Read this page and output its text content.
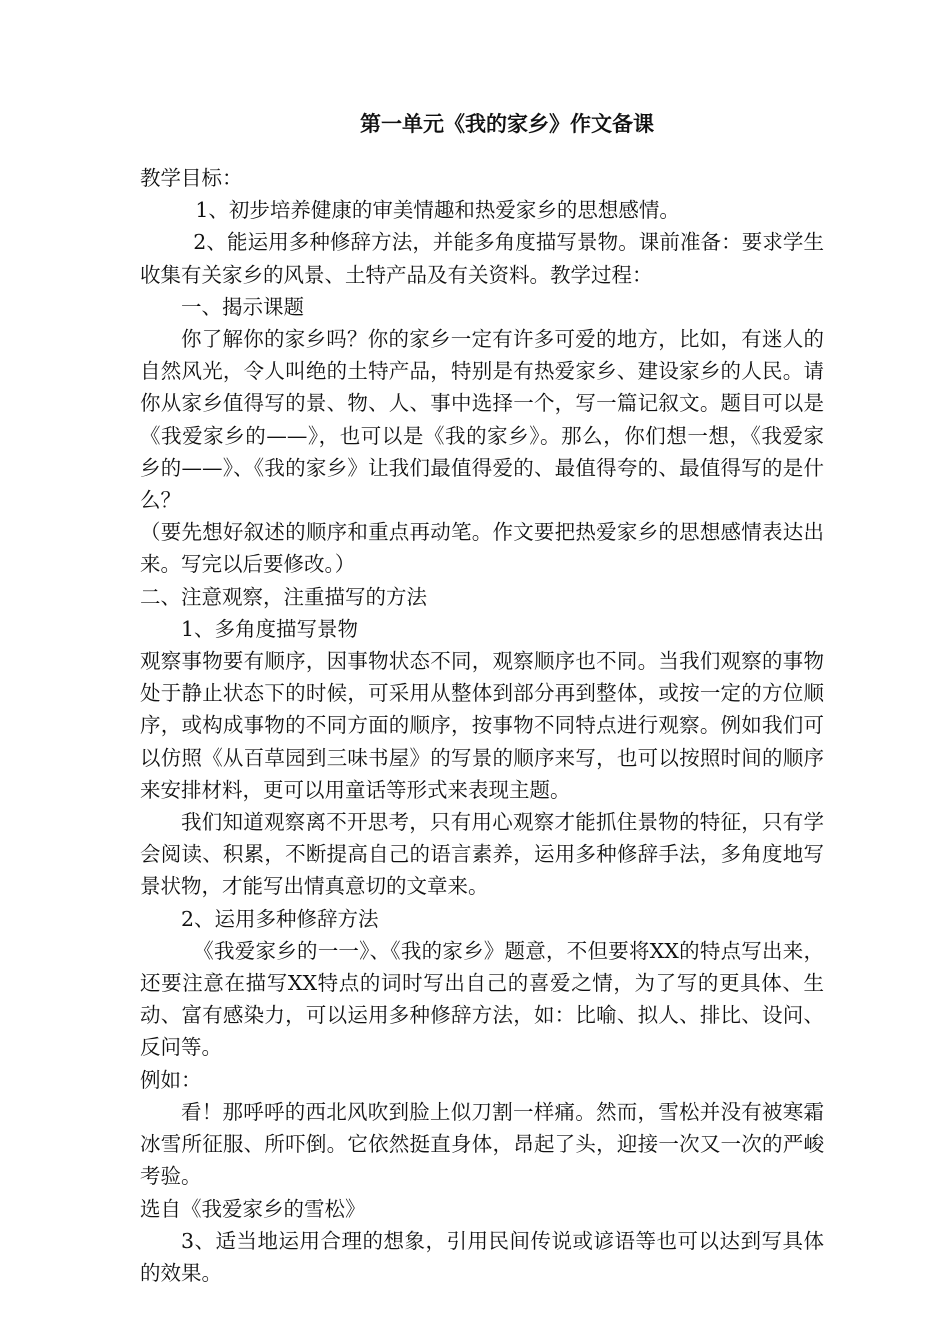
第一单元《我的家乡》作文备课

教学目标：

1、初步培养健康的审美情趣和热爱家乡的思想感情。

2、能运用多种修辞方法，并能多角度描写景物。课前准备：要求学生收集有关家乡的风景、土特产品及有关资料。教学过程：

一、揭示课题

你了解你的家乡吗？你的家乡一定有许多可爱的地方，比如，有迷人的自然风光，令人叫绝的土特产品，特别是有热爱家乡、建设家乡的人民。请你从家乡值得写的景、物、人、事中选择一个，写一篇记叙文。题目可以是《我爱家乡的——》，也可以是《我的家乡》。那么，你们想一想，《我爱家乡的——》、《我的家乡》让我们最值得爱的、最值得夸的、最值得写的是什么？

（要先想好叙述的顺序和重点再动笔。作文要把热爱家乡的思想感情表达出来。写完以后要修改。）

二、注意观察，注重描写的方法

1、多角度描写景物

观察事物要有顺序，因事物状态不同，观察顺序也不同。当我们观察的事物处于静止状态下的时候，可采用从整体到部分再到整体，或按一定的方位顺序，或构成事物的不同方面的顺序，按事物不同特点进行观察。例如我们可以仿照《从百草园到三味书屋》的写景的顺序来写，也可以按照时间的顺序来安排材料，更可以用童话等形式来表现主题。

我们知道观察离不开思考，只有用心观察才能抓住景物的特征，只有学会阅读、积累，不断提高自己的语言素养，运用多种修辞手法，多角度地写景状物，才能写出情真意切的文章来。

2、运用多种修辞方法

《我爱家乡的一一》、《我的家乡》题意，不但要将XX的特点写出来，还要注意在描写XX特点的词时写出自己的喜爱之情，为了写的更具体、生动、富有感染力，可以运用多种修辞方法，如：比喻、拟人、排比、设问、反问等。

例如：

看！那呼呼的西北风吹到脸上似刀割一样痛。然而，雪松并没有被寒霜冰雪所征服、所吓倒。它依然挺直身体，昂起了头，迎接一次又一次的严峻考验。

选自《我爱家乡的雪松》

3、适当地运用合理的想象，引用民间传说或谚语等也可以达到写具体的效果。
